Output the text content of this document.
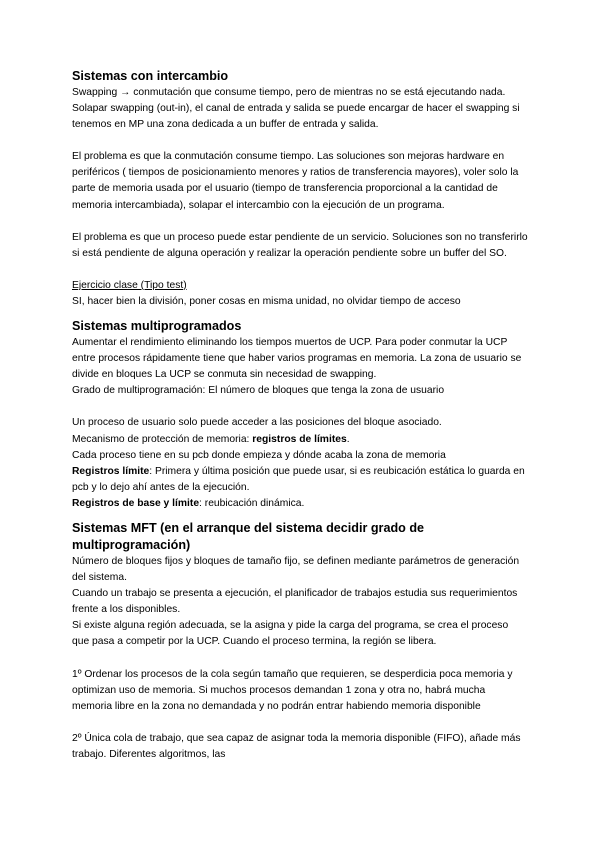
Sistemas con intercambio

Swapping → conmutación que consume tiempo, pero de mientras no se está ejecutando nada. Solapar swapping (out-in), el canal de entrada y salida se puede encargar de hacer el swapping si tenemos en MP una zona dedicada a un buffer de entrada y salida.

El problema es que la conmutación consume tiempo. Las soluciones son mejoras hardware en periféricos ( tiempos de posicionamiento menores y ratios de transferencia mayores), voler solo la parte de memoria usada por el usuario (tiempo de transferencia proporcional a la cantidad de memoria intercambiada), solapar el intercambio con la ejecución de un programa.

El problema es que un proceso puede estar pendiente de un servicio. Soluciones son no transferirlo si está pendiente de alguna operación y realizar la operación pendiente sobre un buffer del SO.

Ejercicio clase (Tipo test)

SI, hacer bien la división, poner cosas en misma unidad, no olvidar tiempo de acceso

Sistemas multiprogramados

Aumentar el rendimiento eliminando los tiempos muertos de UCP. Para poder conmutar la UCP entre procesos rápidamente tiene que haber varios programas en memoria. La zona de usuario se divide en bloques La UCP se conmuta sin necesidad de swapping.

Grado de multiprogramación: El número de bloques que tenga la zona de usuario

Un proceso de usuario solo puede acceder a las posiciones del bloque asociado.

Mecanismo de protección de memoria: registros de límites.

Cada proceso tiene en su pcb donde empieza y dónde acaba la zona de memoria

Registros límite: Primera y última posición que puede usar, si es reubicación estática lo guarda en pcb y lo dejo ahí antes de la ejecución.

Registros de base y límite: reubicación dinámica.

Sistemas MFT (en el arranque del sistema decidir grado de multiprogramación)

Número de bloques fijos y bloques de tamaño fijo, se definen mediante parámetros de generación del sistema.

Cuando un trabajo se presenta a ejecución, el planificador de trabajos estudia sus requerimientos frente a los disponibles.

Si existe alguna región adecuada, se la asigna y pide la carga del programa, se crea el proceso que pasa a competir por la UCP. Cuando el proceso termina, la región se libera.

1º Ordenar los procesos de la cola según tamaño que requieren, se desperdicia poca memoria y optimizan uso de memoria. Si muchos procesos demandan 1 zona y otra no, habrá mucha memoria libre en la zona no demandada y no podrán entrar habiendo memoria disponible

2º Única cola de trabajo, que sea capaz de asignar toda la memoria disponible (FIFO), añade más trabajo. Diferentes algoritmos, las
